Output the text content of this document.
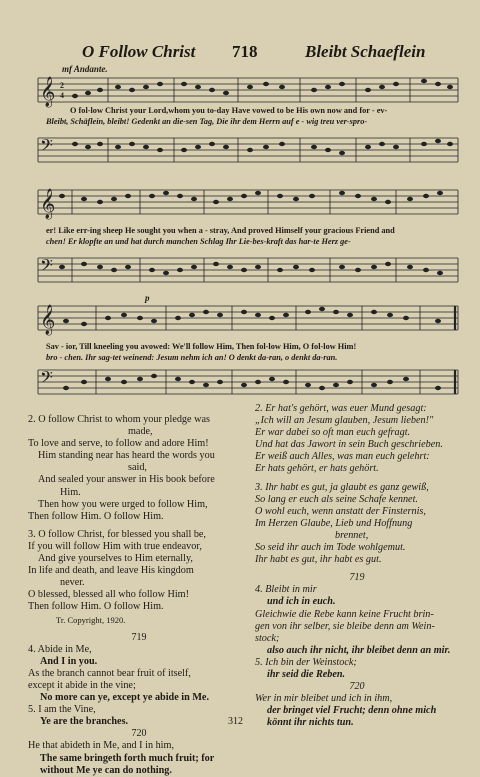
O Follow Christ 718	Bleibt Schaeflein
mf Andante.
𝄞 2
4
O fol-low Christ your Lord,whom you to-day Have vowed to be His own now and for - ev-
Bleibt, Schäflein, bleibt! Gedenkt an die-sen Tag, Die ihr dem Herrn auf e - wig treu ver-spro-
𝄢
𝄞
er! Like err-ing sheep He sought you when a - stray, And proved Himself your gracious Friend and
chen! Er klopfte an und hat durch manchen Schlag Ihr Lie-bes-kraft das har-te Herz ge-
𝄢
p
𝄞
Sav - ior, Till kneeling you avowed: We'll follow Him, Then fol-low Him, O fol-low Him!
bro - chen. Ihr sag-tet weinend: Jesum nehm ich an! O denkt da-ran, o denkt da-ran.
𝄢

2. O follow Christ to whom your pledge was

made,

To love and serve, to follow and adore Him!

Him standing near has heard the words you

said,

And sealed your answer in His book before

Him.

Then how you were urged to follow Him,

Then follow Him. O follow Him.

3. O follow Christ, for blessed you shall be,

If you will follow Him with true endeavor,

And give yourselves to Him eternally,

In life and death, and leave His kingdom

never.

O blessed, blessed all who follow Him!

Then follow Him. O follow Him.

Tr. Copyright, 1920.

719

4. Abide in Me,

And I in you.

As the branch cannot bear fruit of itself,

except it abide in the vine;

No more can ye, except ye abide in Me.

5. I am the Vine,

Ye are the branches.

720

He that abideth in Me, and I in him,

The same bringeth forth much fruit; for

without Me ye can do nothing.

2. Er hat's gehört, was euer Mund gesagt:

„Ich will an Jesum glauben, Jesum lieben!"

Er war dabei so oft man euch gefragt.

Und hat das Jawort in sein Buch geschrieben.

Er weiß auch Alles, was man euch gelehrt:

Er hats gehört, er hats gehört.

3. Ihr habt es gut, ja glaubt es ganz gewiß,

So lang er euch als seine Schafe kennet.

O wohl euch, wenn anstatt der Finsternis,

Im Herzen Glaube, Lieb und Hoffnung

brennet,

So seid ihr auch im Tode wohlgemut.

Ihr habt es gut, ihr habt es gut.

719

4. Bleibt in mir

und ich in euch.

Gleichwie die Rebe kann keine Frucht brin-

gen von ihr selber, sie bleibe denn am Wein-

stock;

also auch ihr nicht, ihr bleibet denn an mir.

5. Ich bin der Weinstock;

ihr seid die Reben.

720

Wer in mir bleibet und ich in ihm,

der bringet viel Frucht; denn ohne mich

könnt ihr nichts tun.

312
